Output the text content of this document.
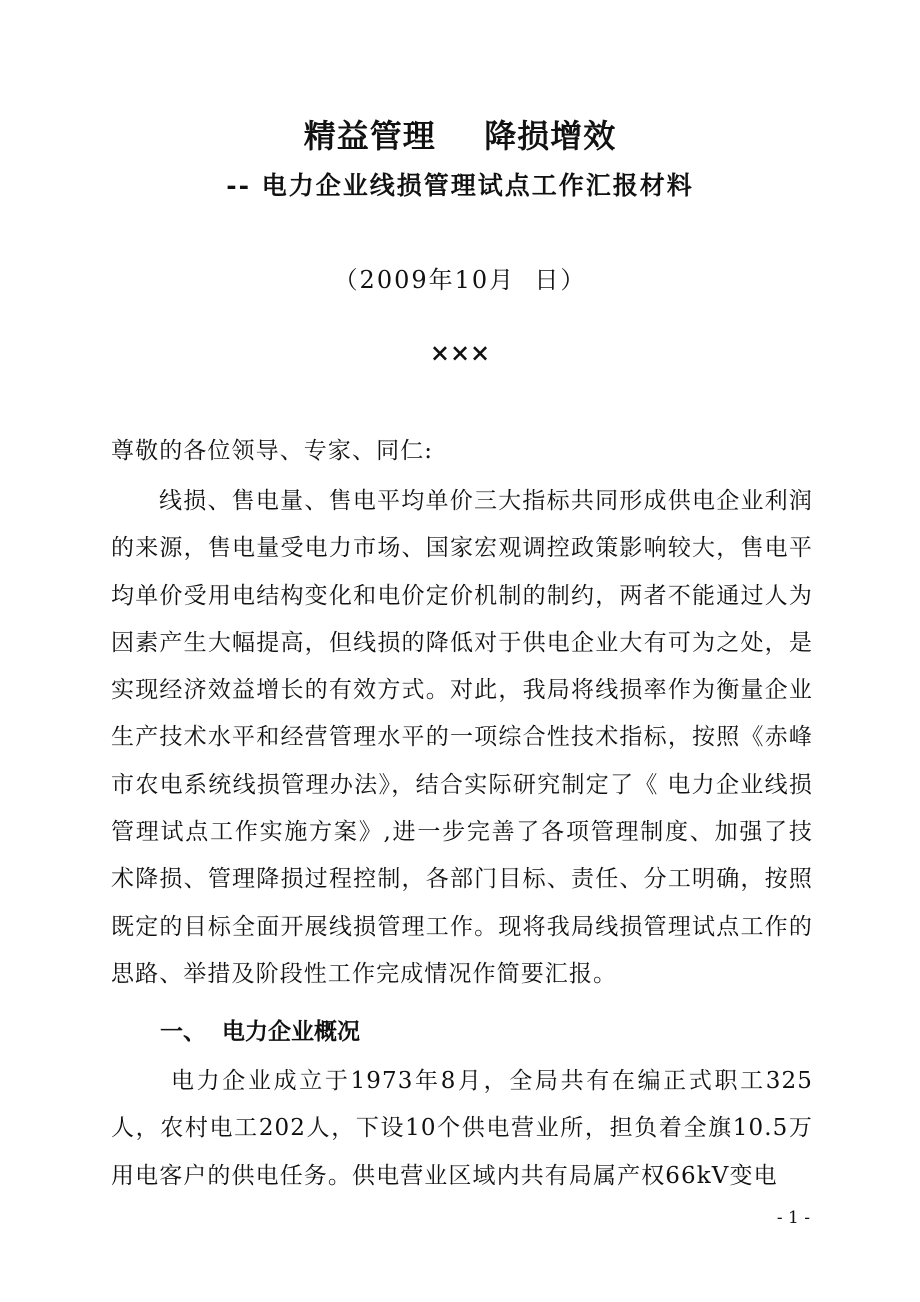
精益管理    降损增效
-- 电力企业线损管理试点工作汇报材料
（2009年10月  日）
×××
尊敬的各位领导、专家、同仁:
线损、售电量、售电平均单价三大指标共同形成供电企业利润的来源，售电量受电力市场、国家宏观调控政策影响较大，售电平均单价受用电结构变化和电价定价机制的制约，两者不能通过人为因素产生大幅提高，但线损的降低对于供电企业大有可为之处，是实现经济效益增长的有效方式。对此，我局将线损率作为衡量企业生产技术水平和经营管理水平的一项综合性技术指标，按照《赤峰市农电系统线损管理办法》，结合实际研究制定了《 电力企业线损管理试点工作实施方案》,进一步完善了各项管理制度、加强了技术降损、管理降损过程控制，各部门目标、责任、分工明确，按照既定的目标全面开展线损管理工作。现将我局线损管理试点工作的思路、举措及阶段性工作完成情况作简要汇报。
一、  电力企业概况
电力企业成立于1973年8月，全局共有在编正式职工325人，农村电工202人，下设10个供电营业所，担负着全旗10.5万用电客户的供电任务。供电营业区域内共有局属产权66kV变电
- 1 -
